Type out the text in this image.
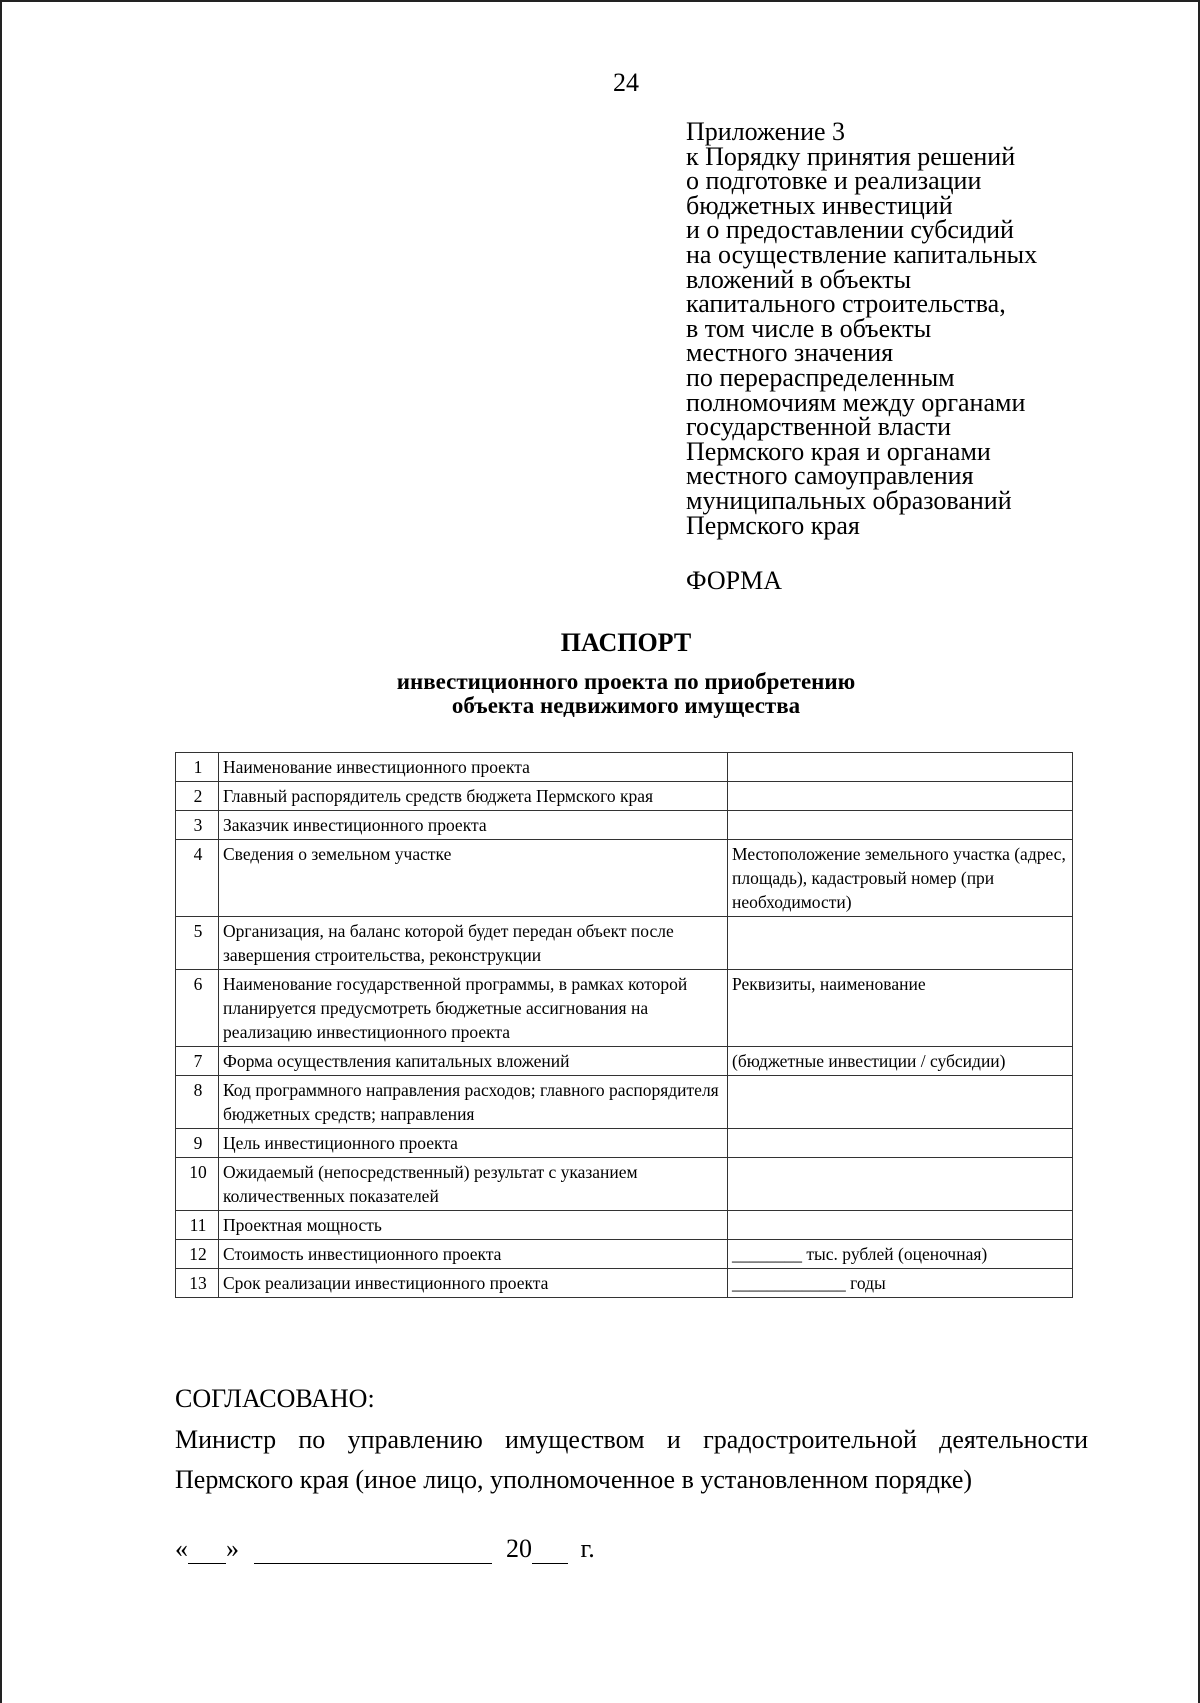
24
Приложение 3
к Порядку принятия решений
о подготовке и реализации
бюджетных инвестиций
и о предоставлении субсидий
на осуществление капитальных
вложений в объекты
капитального строительства,
в том числе в объекты
местного значения
по перераспределенным
полномочиям между органами
государственной власти
Пермского края и органами
местного самоуправления
муниципальных образований
Пермского края
ФОРМА
ПАСПОРТ
инвестиционного проекта по приобретению
объекта недвижимого имущества
1	Наименование инвестиционного проекта	
2	Главный распорядитель средств бюджета Пермского края	
3	Заказчик инвестиционного проекта	
4	Сведения о земельном участке	Местоположение земельного участка (адрес, площадь), кадастровый номер (при необходимости)
5	Организация, на баланс которой будет передан объект после завершения строительства, реконструкции	
6	Наименование государственной программы, в рамках которой планируется предусмотреть бюджетные ассигнования на реализацию инвестиционного проекта	Реквизиты, наименование
7	Форма осуществления капитальных вложений	(бюджетные инвестиции / субсидии)
8	Код программного направления расходов; главного распорядителя бюджетных средств; направления	
9	Цель инвестиционного проекта	
10	Ожидаемый (непосредственный) результат с указанием количественных показателей	
11	Проектная мощность	
12	Стоимость инвестиционного проекта	________ тыс. рублей (оценочная)
13	Срок реализации инвестиционного проекта	_____________ годы
СОГЛАСОВАНО:
Министр по управлению имуществом и градостроительной деятельности Пермского края (иное лицо, уполномоченное в установленном порядке)
« »	20 г.
